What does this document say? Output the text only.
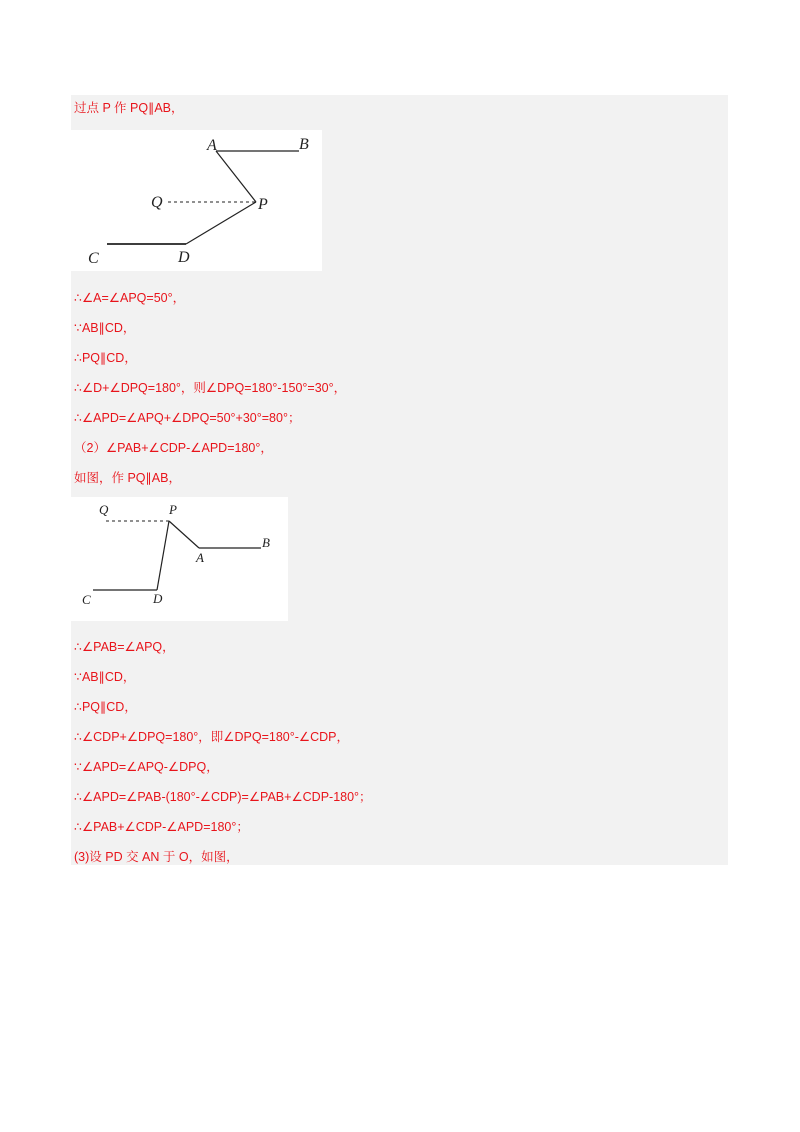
过点 P 作 PQ∥AB，
A	B
Q	P
C	D
∴∠A=∠APQ=50°，
∵AB∥CD，
∴PQ∥CD，
∴∠D+∠DPQ=180°，则∠DPQ=180°-150°=30°，
∴∠APD=∠APQ+∠DPQ=50°+30°=80°；
（2）∠PAB+∠CDP-∠APD=180°，
如图，作 PQ∥AB，
Q	P
A
B
C	D
∴∠PAB=∠APQ，
∵AB∥CD，
∴PQ∥CD，
∴∠CDP+∠DPQ=180°，即∠DPQ=180°-∠CDP，
∵∠APD=∠APQ-∠DPQ，
∴∠APD=∠PAB-(180°-∠CDP)=∠PAB+∠CDP-180°；
∴∠PAB+∠CDP-∠APD=180°；
(3)设 PD 交 AN 于 O，如图，
